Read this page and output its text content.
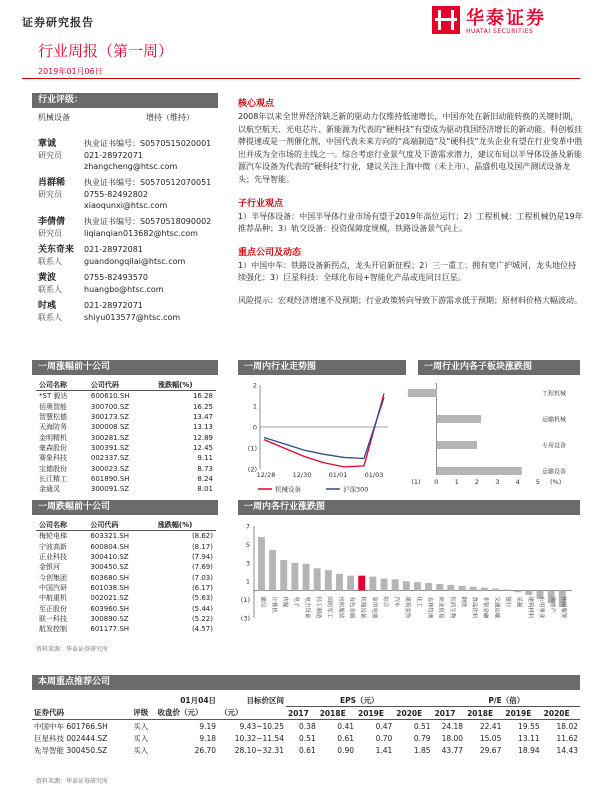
证券研究报告	华泰证券
HUATAI SECURITIES
行业周报（第一周）
2019年01月06日
行业评级：
机械设备	增持（维持）
章诚	执业证书编号：S0570515020001
研究员	021-28972071
zhangcheng@htsc.com
肖群稀 执业证书编号：S0570512070051
研究员	0755-82492802
xiaoqunxi@htsc.com
李倩倩 执业证书编号：S0570518090002
研究员	liqianqian013682@htsc.com
关东奇来 021-28972081
联系人	guandongqilai@htsc.com
黄波	0755-82493570
联系人	huangbo@htsc.com
时彧	021-28972071
联系人	shiyu013577@htsc.com
核心观点
2008年以来全世界经济缺乏新的驱动力仅维持低速增长，中国亦处在新旧动能转换的关键时期，以航空航天、光电芯片、新能源为代表的“硬科技”有望成为驱动我国经济增长的新动能。科创板挂牌提速或是一剂催化剂，中国代表未来方向的“高端制造”及“硬科技”龙头企业有望在行业变革中胜出并成为全市场的主线之一。综合考虑行业景气度及下游需求潜力，建议布局以半导体设备及新能源汽车设备为代表的“硬科技”行业，建议关注上海中微（未上市）、晶盛机电及国产测试设备龙头；先导智能。
子行业观点
1）半导体设备：中国半导体行业市场有望于2019年高位运行；2）工程机械：工程机械仍是19年推荐品种；3）轨交设备：投资保障度规模，铁路设备景气向上。
重点公司及动态
1）中国中车：铁路设备新拐点，龙头开启新征程；2）三一重工：拥有宽广护城河，龙头地位持续强化；3）巨星科技：全球化布局+智能化产品或连同日巨星。
风险提示：宏观经济增速不及预期；行业政策转向导致下游需求低于预期；原材料价格大幅波动。
一周涨幅前十公司
公司名称	公司代码	涨跌幅(%)
*ST 毅达	600610.SH	16.28
佰奥智能	300700.SZ	16.25
智慧松德	300173.SZ	13.47
天海防务	300008.SZ	13.13
金明精机	300281.SZ	12.89
豪森股份	300391.SZ	12.45
赛象科技	002337.SZ	9.11
宝德股份	300023.SZ	8.73
长江精工	601890.SH	8.24
金通灵	300091.SZ	8.01
一周跌幅前十公司
公司名称	公司代码	涨跌幅(%)
梅轮电梯	603321.SH	(8.62)
宁波高新	600804.SH	(8.17)
正业科技	300410.SZ	(7.94)
金银河	300450.SZ	(7.69)
今创集团	603680.SH	(7.03)
中国汽研	601038.SH	(6.17)
中航重机	002021.SZ	(5.63)
至正股份	603960.SH	(5.44)
联一科技	300890.SZ	(5.22)
航发控制	601177.SH	(4.57)
资料来源：华泰证券研究所
一周内行业走势图
2
1
0
(1)
(2)
12/28	12/30	01/01	01/03
机械设备	沪深300
一周行业内各子板块涨跌图
工程机械
运输机械
专用设备
运输设备
(1) 0 1 2 3 4 5 (%)
一周内各行业涨跌图
7
5
3
1
(1)
(3)
通信 计算机 传媒 电子 电力设备 轻工制造 国防军工 纺织服装 有色金属 机械设备 家用电器 综合 汽车 建筑装饰 化工 农林牧渔 商业贸易 医药生物 钢铁 食品饮料 非银金融 交通运输 银行 采掘 建筑材料 公用事业 房地产 休闲服务
本周重点推荐公司
		01月04日	目标价区间	EPS（元）				P/E（倍）			
证券代码	评级	收盘价（元）	（元）	2017	2018E	2019E	2020E	2017	2018E	2019E	2020E
中国中车 601766.SH	买入	9.19	9.43~10.25	0.38	0.41	0.47	0.51	24.18	22.41	19.55	18.02
巨星科技 002444.SZ	买入	9.18	10.32~11.54	0.51	0.61	0.70	0.79	18.00	15.05	13.11	11.62
先导智能 300450.SZ	买入	26.70	28.10~32.31	0.61	0.90	1.41	1.85	43.77	29.67	18.94	14.43
资料来源：华泰证券研究所
